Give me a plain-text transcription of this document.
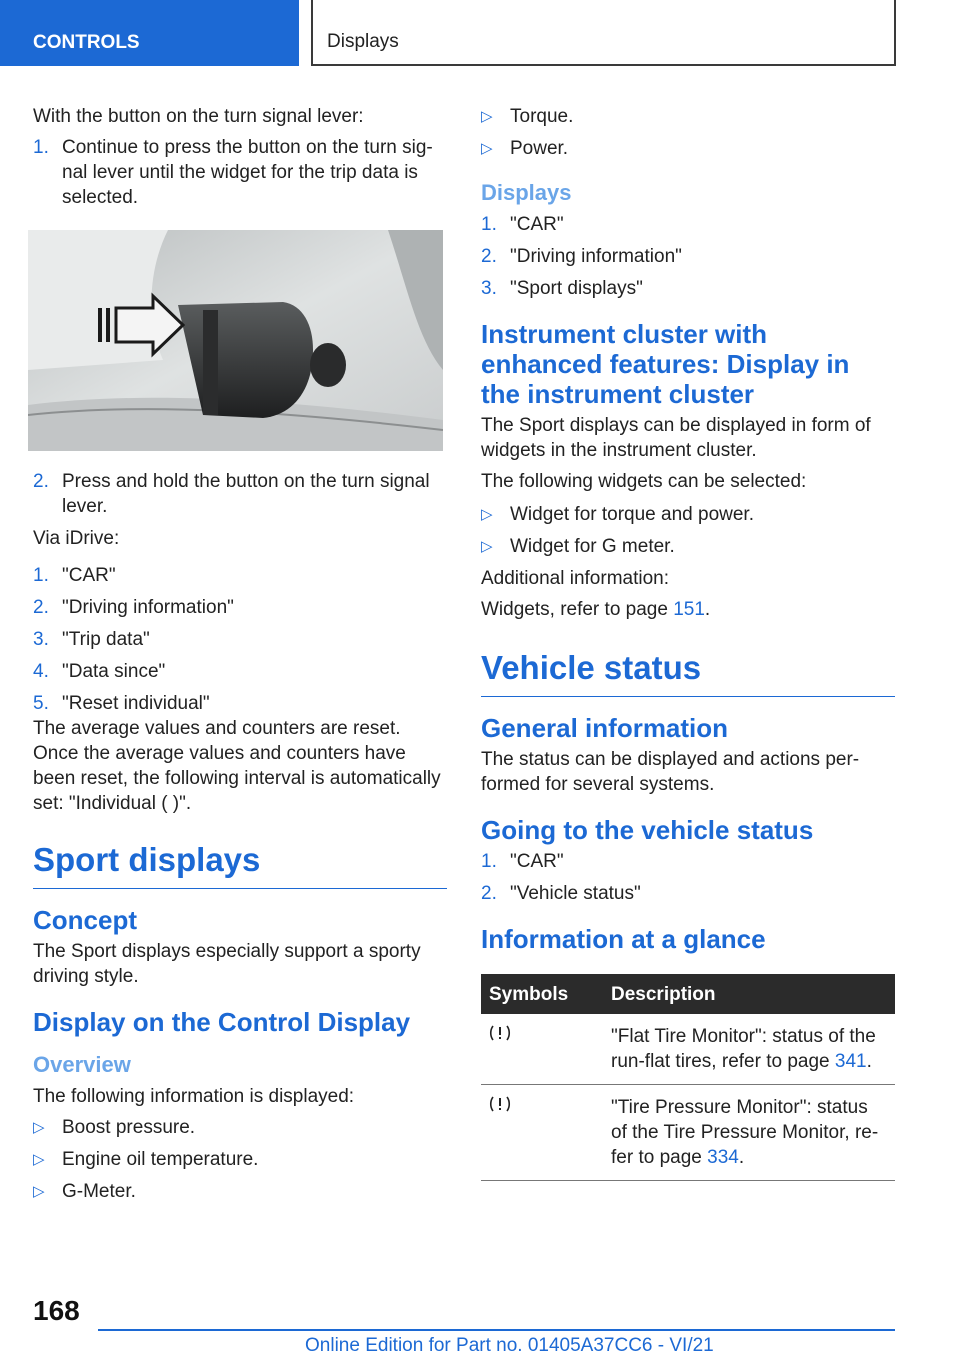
CONTROLS	Displays

With the button on the turn signal lever:

1. Continue to press the button on the turn sig‐ nal lever until the widget for the trip data is selected.
2. Press and hold the button on the turn signal lever.

Via iDrive:

1. "CAR"
2. "Driving information"
3. "Trip data"
4. "Data since"
5. "Reset individual"

The average values and counters are reset. Once the average values and counters have been reset, the following interval is automatically set: "Individual ( )".

Sport displays
Concept

The Sport displays especially support a sporty driving style.

Display on the Control Display
Overview

The following information is displayed:

▷ Boost pressure.
▷ Engine oil temperature.
▷ G-Meter.
▷ Torque.
▷ Power.
Displays
1. "CAR"
2. "Driving information"
3. "Sport displays"
Instrument cluster with enhanced features: Display in the instrument cluster

The Sport displays can be displayed in form of widgets in the instrument cluster.

The following widgets can be selected:

▷ Widget for torque and power.
▷ Widget for G meter.

Additional information:

Widgets, refer to page 151.

Vehicle status
General information

The status can be displayed and actions per‐ formed for several systems.

Going to the vehicle status
1. "CAR"
2. "Vehicle status"
Information at a glance
Symbols	Description
	"Flat Tire Monitor": status of the run-flat tires, refer to page 341.
	"Tire Pressure Monitor": status of the Tire Pressure Monitor, re‐ fer to page 334.
168
Online Edition for Part no. 01405A37CC6 - VI/21
